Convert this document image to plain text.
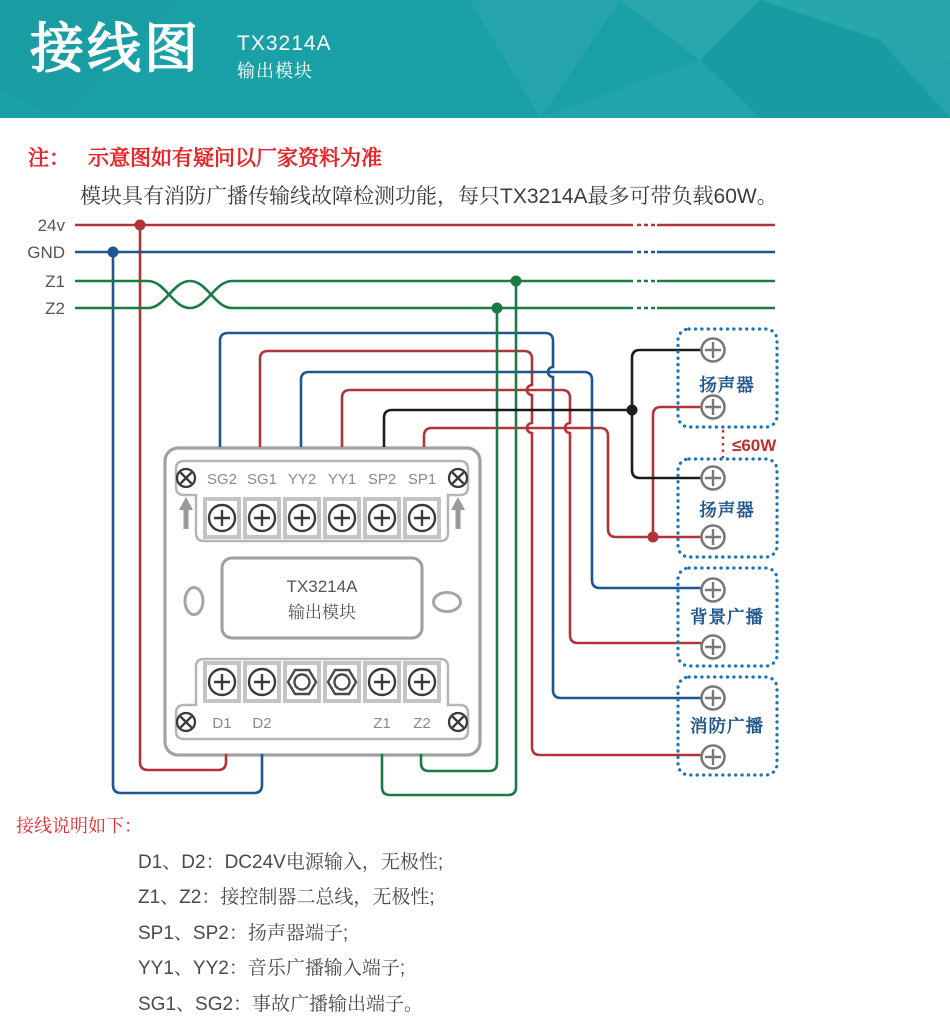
接线图 TX3214A
输出模块
注： 示意图如有疑问以厂家资料为准
模块具有消防广播传输线故障检测功能，每只TX3214A最多可带负载60W。
24v
GND
Z1
Z2
TX3214A
输出模块
SG2 SG1 YY2 YY1 SP2 SP1
D1 D2	Z1 Z2
扬声器
扬声器
背景广播
消防广播
≤60W
接线说明如下：
D1、D2：DC24V电源输入，无极性;
Z1、Z2：接控制器二总线，无极性;
SP1、SP2：扬声器端子;
YY1、YY2：音乐广播输入端子;
SG1、SG2：事故广播输出端子。
